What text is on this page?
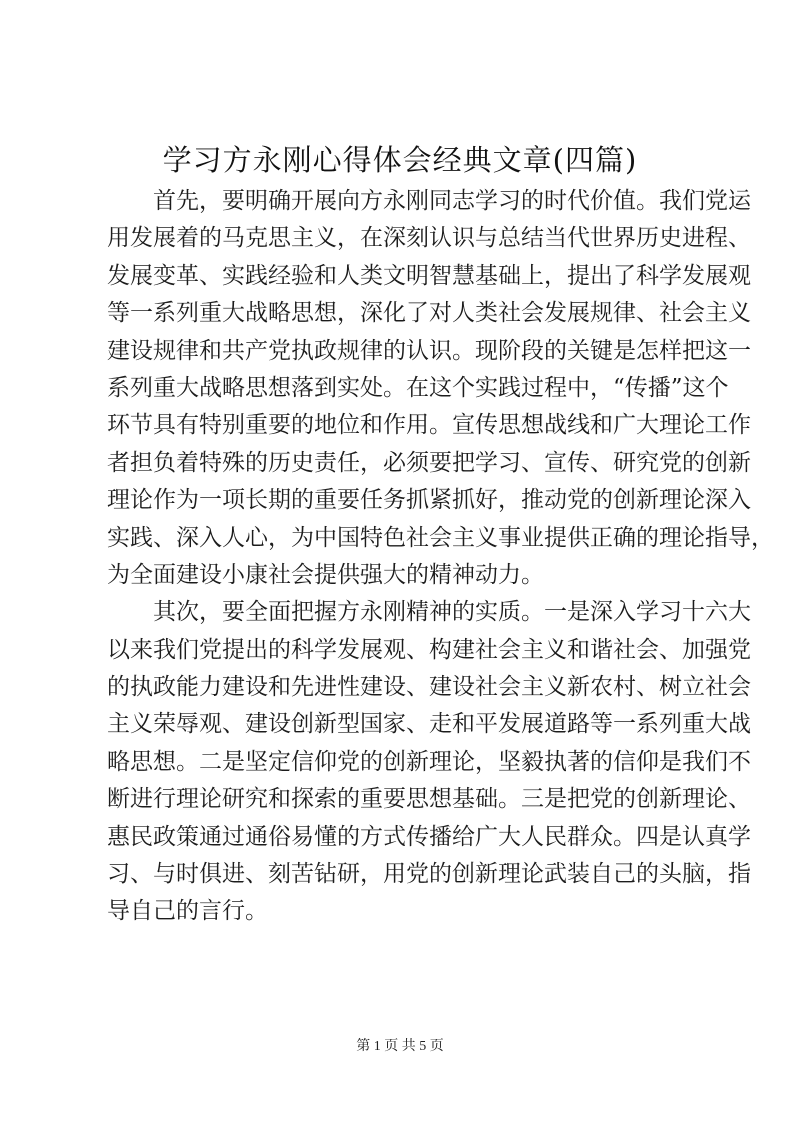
学习方永刚心得体会经典文章(四篇)
首先，要明确开展向方永刚同志学习的时代价值。我们党运
用发展着的马克思主义，在深刻认识与总结当代世界历史进程、
发展变革、实践经验和人类文明智慧基础上，提出了科学发展观
等一系列重大战略思想，深化了对人类社会发展规律、社会主义
建设规律和共产党执政规律的认识。现阶段的关键是怎样把这一
系列重大战略思想落到实处。在这个实践过程中，“传播”这个
环节具有特别重要的地位和作用。宣传思想战线和广大理论工作
者担负着特殊的历史责任，必须要把学习、宣传、研究党的创新
理论作为一项长期的重要任务抓紧抓好，推动党的创新理论深入
实践、深入人心，为中国特色社会主义事业提供正确的理论指导，
为全面建设小康社会提供强大的精神动力。
其次，要全面把握方永刚精神的实质。一是深入学习十六大
以来我们党提出的科学发展观、构建社会主义和谐社会、加强党
的执政能力建设和先进性建设、建设社会主义新农村、树立社会
主义荣辱观、建设创新型国家、走和平发展道路等一系列重大战
略思想。二是坚定信仰党的创新理论，坚毅执著的信仰是我们不
断进行理论研究和探索的重要思想基础。三是把党的创新理论、
惠民政策通过通俗易懂的方式传播给广大人民群众。四是认真学
习、与时俱进、刻苦钻研，用党的创新理论武装自己的头脑，指
导自己的言行。
第 1 页 共 5 页
